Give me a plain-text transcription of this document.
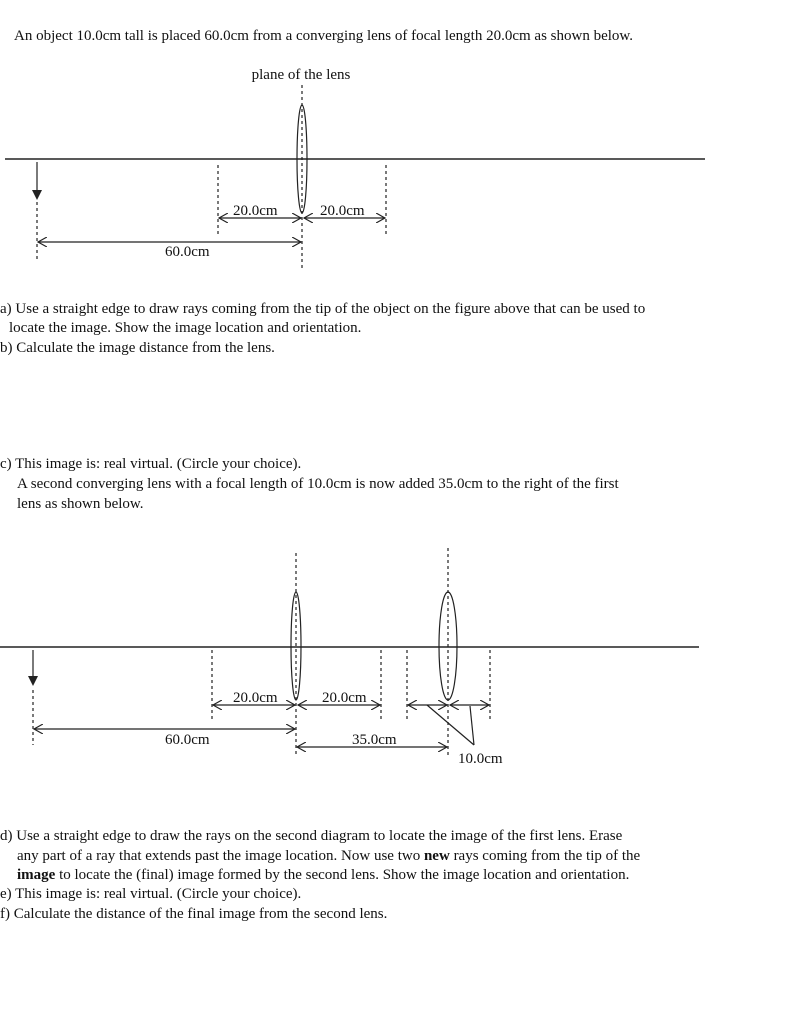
An object 10.0cm tall is placed 60.0cm from a converging lens of focal length 20.0cm as shown below.
plane of the lens
20.0cm	20.0cm
60.0cm
20.0cm	20.0cm
60.0cm	35.0cm
10.0cm
a) Use a straight edge to draw rays coming from the tip of the object on the figure above that can be used to
locate the image. Show the image location and orientation.
b) Calculate the image distance from the lens.
c) This image is: real virtual. (Circle your choice).
A second converging lens with a focal length of 10.0cm is now added 35.0cm to the right of the first
lens as shown below.
d) Use a straight edge to draw the rays on the second diagram to locate the image of the first lens. Erase
any part of a ray that extends past the image location. Now use two new rays coming from the tip of the
image to locate the (final) image formed by the second lens. Show the image location and orientation.
e) This image is: real virtual. (Circle your choice).
f) Calculate the distance of the final image from the second lens.
